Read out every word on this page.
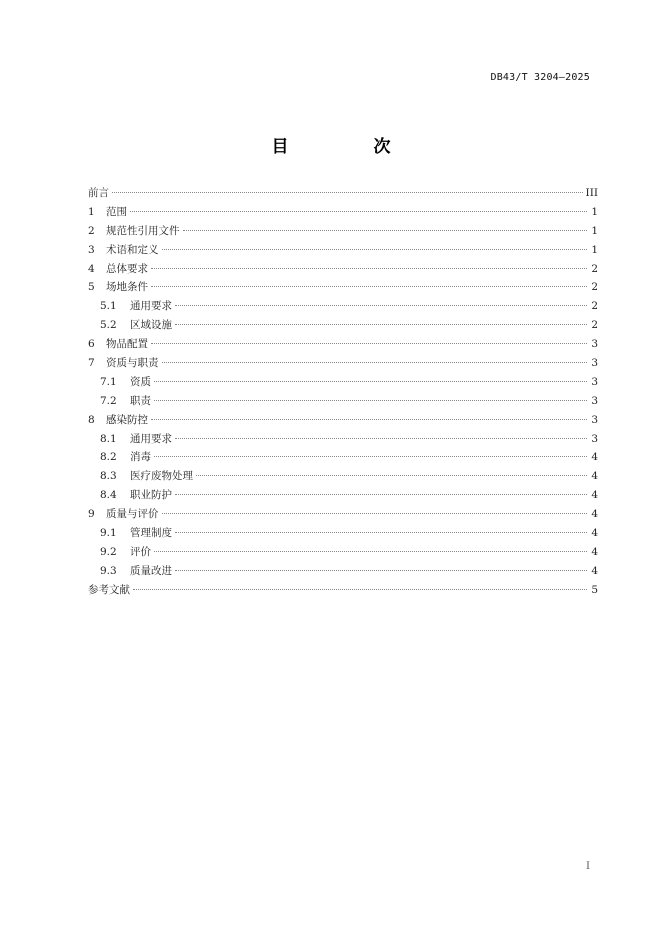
DB43/T 3204—2025
目　次
前言	III
1	范围	1
2	规范性引用文件	1
3	术语和定义	1
4	总体要求	2
5	场地条件	2
5.1	通用要求	2
5.2	区域设施	2
6	物品配置	3
7	资质与职责	3
7.1	资质	3
7.2	职责	3
8	感染防控	3
8.1	通用要求	3
8.2	消毒	4
8.3	医疗废物处理	4
8.4	职业防护	4
9	质量与评价	4
9.1	管理制度	4
9.2	评价	4
9.3	质量改进	4
参考文献	5
I
